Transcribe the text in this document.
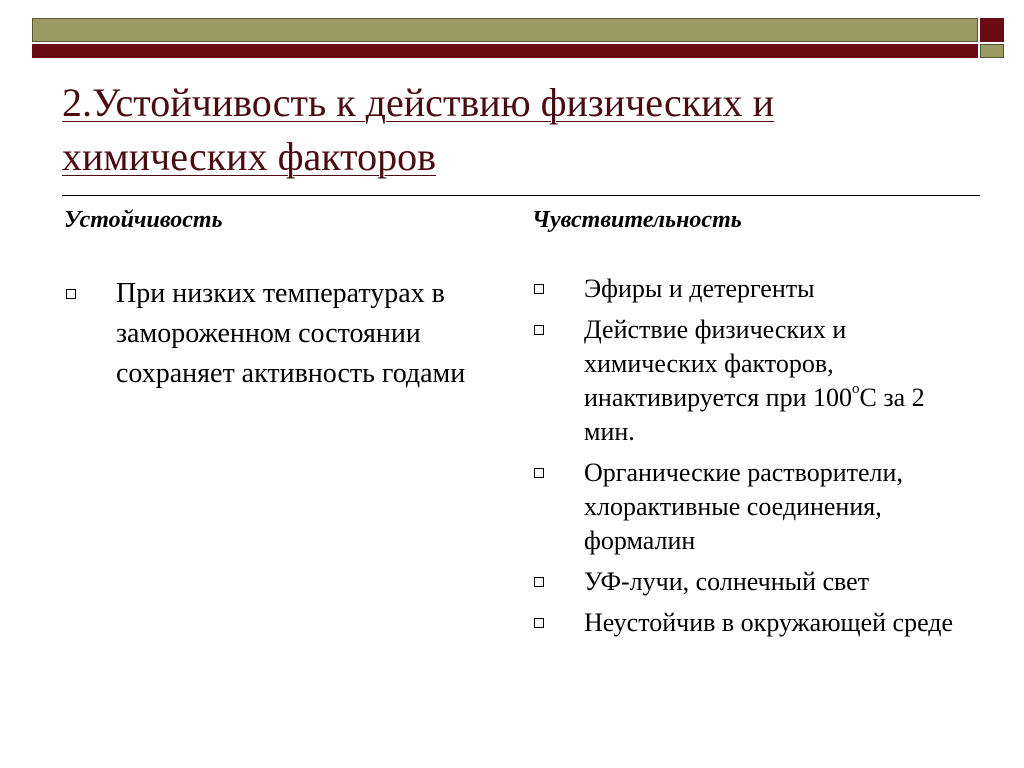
2.Устойчивость к действию физических и химических факторов
Устойчивость	Чувствительность
При низких температурах в замороженном состоянии сохраняет активность годами
Эфиры и детергенты
Действие физических и химических факторов, инактивируется при $100^оС$ за 2 мин.
Органические растворители, хлорактивные соединения, формалин
УФ-лучи, солнечный свет
Неустойчив в окружающей среде
